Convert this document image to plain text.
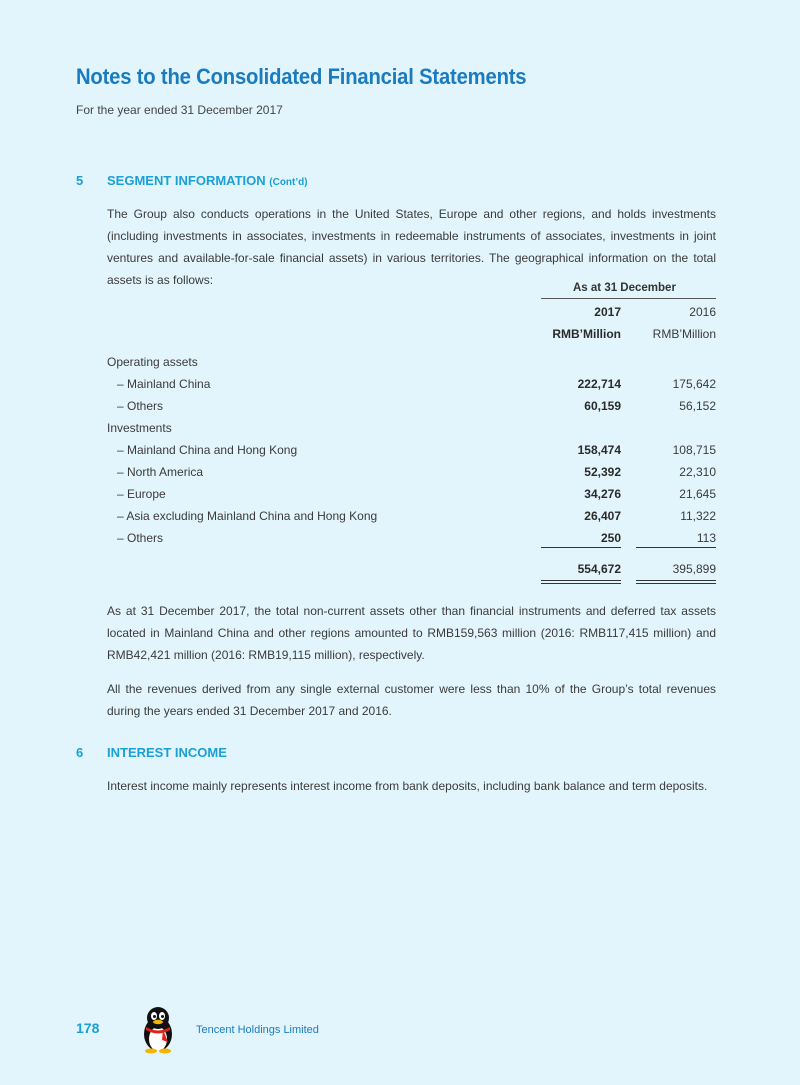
Notes to the Consolidated Financial Statements
For the year ended 31 December 2017
5 SEGMENT INFORMATION (Cont’d)
The Group also conducts operations in the United States, Europe and other regions, and holds investments (including investments in associates, investments in redeemable instruments of associates, investments in joint ventures and available-for-sale financial assets) in various territories. The geographical information on the total assets is as follows:
As at 31 December
2017	2016
RMB’Million	RMB’Million
Operating assets
– Mainland China	222,714	175,642
– Others	60,159	56,152
Investments
– Mainland China and Hong Kong	158,474	108,715
– North America	52,392	22,310
– Europe	34,276	21,645
– Asia excluding Mainland China and Hong Kong	26,407	11,322
– Others	250	113
554,672	395,899
As at 31 December 2017, the total non-current assets other than financial instruments and deferred tax assets located in Mainland China and other regions amounted to RMB159,563 million (2016: RMB117,415 million) and RMB42,421 million (2016: RMB19,115 million), respectively.
All the revenues derived from any single external customer were less than 10% of the Group’s total revenues during the years ended 31 December 2017 and 2016.
6 INTEREST INCOME
Interest income mainly represents interest income from bank deposits, including bank balance and term deposits.
178	Tencent Holdings Limited
